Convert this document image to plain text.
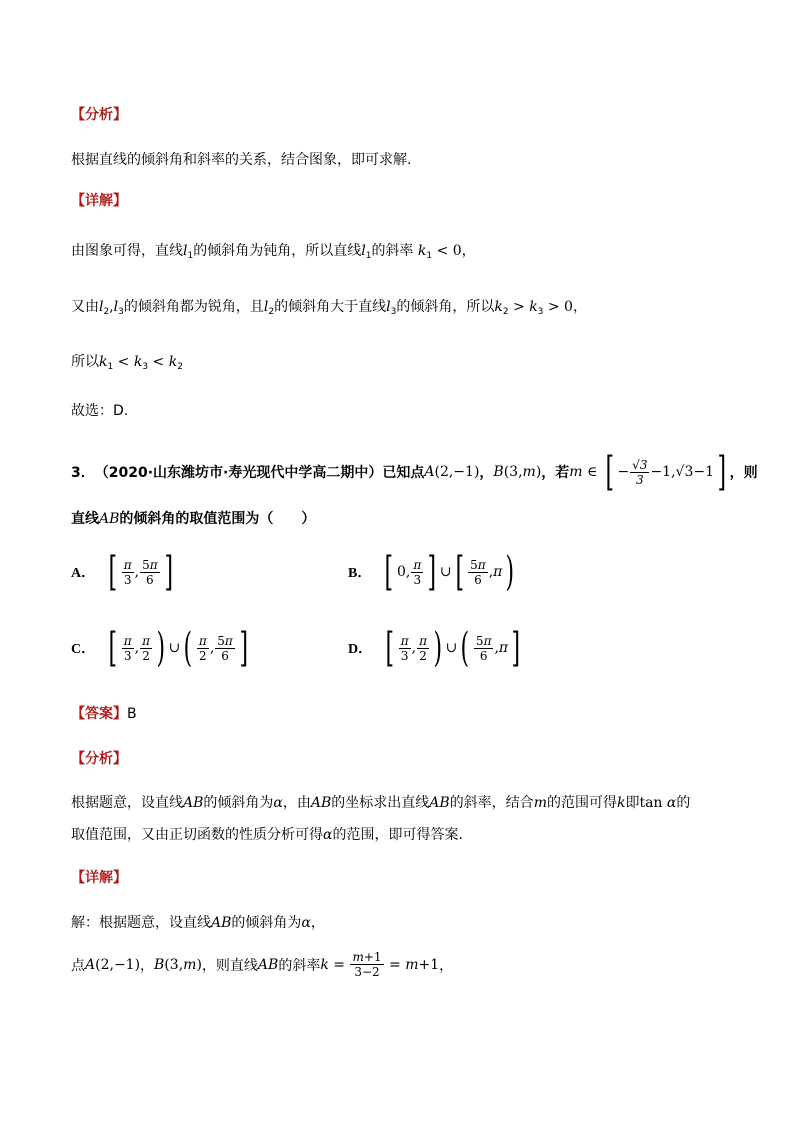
【分析】
根据直线的倾斜角和斜率的关系，结合图象，即可求解.
【详解】
由图象可得，直线$l_1$的倾斜角为钝角，所以直线$l_1$的斜率 $k_1 < 0$，
又由$l_2,l_3$的倾斜角都为锐角，且$l_2$的倾斜角大于直线$l_3$的倾斜角，所以$k_2 > k_3 > 0$，
所以$k_1 < k_3 < k_2$
故选：D.
3． （2020·山东潍坊市·寿光现代中学高二期中） 已知点 A (2,−1) ， B (3, m ) ，若 m ∈ [ − $\frac{√3}{3} -1,√3-1$ ] ，则
直线AB的倾斜角的取值范围为（　　）
A． [ $\frac{\pi}{3}$ , $\frac{5\pi}{6}$ ]	B． [ 0, $\frac{\pi}{3}$ ] ∪ [ $\frac{5\pi}{6}$ , π )
C． [ $\frac{\pi}{3}$ , $\frac{\pi}{2}$ ) ∪ ( $\frac{\pi}{2}$ , $\frac{5\pi}{6}$ ]	D． [ $\frac{\pi}{3}$ , $\frac{\pi}{2}$ ) ∪ ( $\frac{5\pi}{6}$ , π ]
【答案】B
【分析】
根据题意，设直线AB的倾斜角为α，由AB的坐标求出直线AB的斜率，结合m的范围可得k即tan α的
取值范围，又由正切函数的性质分析可得α的范围，即可得答案.
【详解】
解：根据题意，设直线AB的倾斜角为α，
点 A (2,−1) ， B (3, m ) ，则直线 AB 的斜率 $k = \frac{m+1}{3-2} = m +1$ ，
